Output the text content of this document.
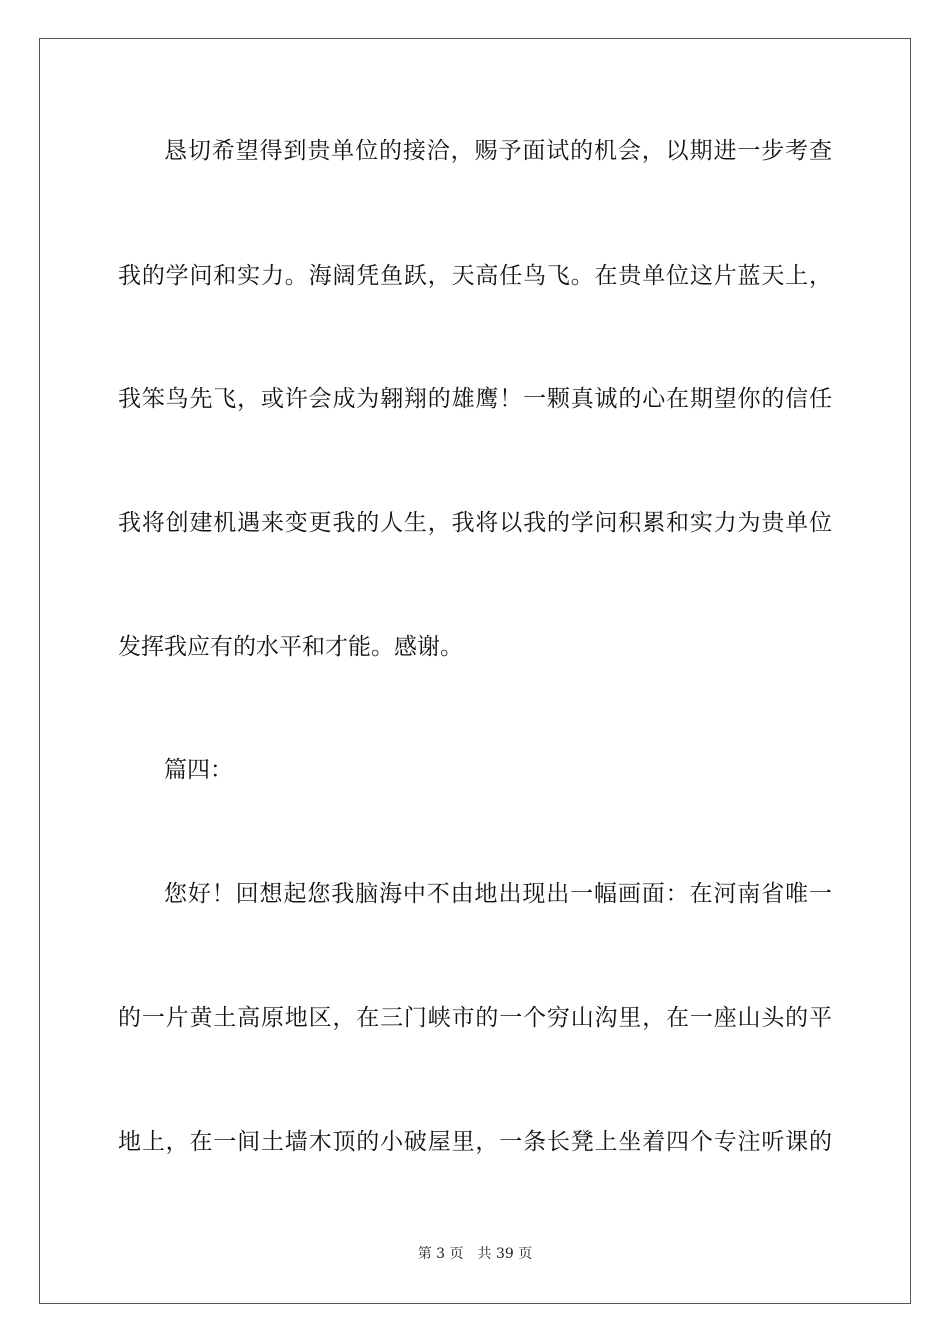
恳切希望得到贵单位的接洽，赐予面试的机会，以期进一步考查

我的学问和实力。海阔凭鱼跃，天高任鸟飞。在贵单位这片蓝天上，

我笨鸟先飞，或许会成为翱翔的雄鹰！一颗真诚的心在期望你的信任

我将创建机遇来变更我的人生，我将以我的学问积累和实力为贵单位

发挥我应有的水平和才能。感谢。

篇四：

您好！回想起您我脑海中不由地出现出一幅画面：在河南省唯一

的一片黄土高原地区，在三门峡市的一个穷山沟里，在一座山头的平

地上，在一间土墙木顶的小破屋里，一条长凳上坐着四个专注听课的

第 3 页 共 39 页
